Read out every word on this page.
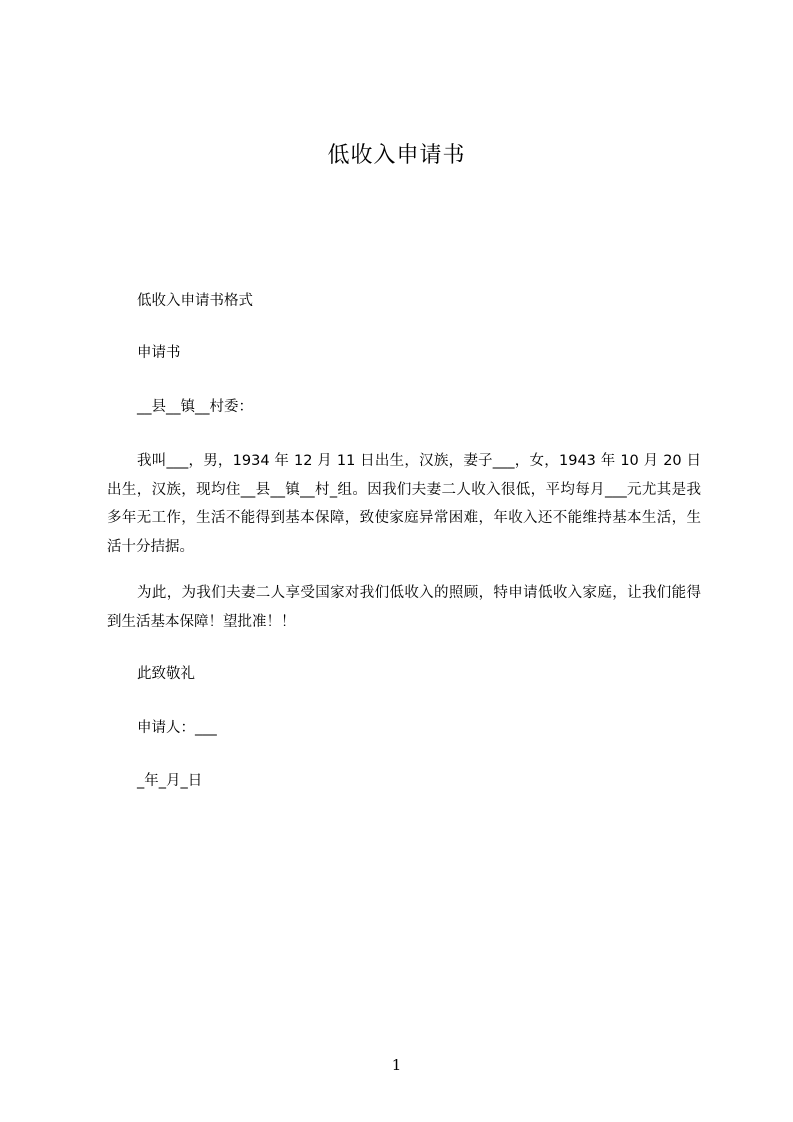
低收入申请书

低收入申请书格式

申请书

__县__镇__村委：

我叫___，男，1934 年 12 月 11 日出生，汉族，妻子___，女，1943 年 10 月 20 日出生，汉族，现均住__县__镇__村_组。因我们夫妻二人收入很低，平均每月___元尤其是我多年无工作，生活不能得到基本保障，致使家庭异常困难，年收入还不能维持基本生活，生活十分拮据。

为此，为我们夫妻二人享受国家对我们低收入的照顾，特申请低收入家庭，让我们能得到生活基本保障！望批准！！

此致敬礼

申请人：___

_年_月_日

1
